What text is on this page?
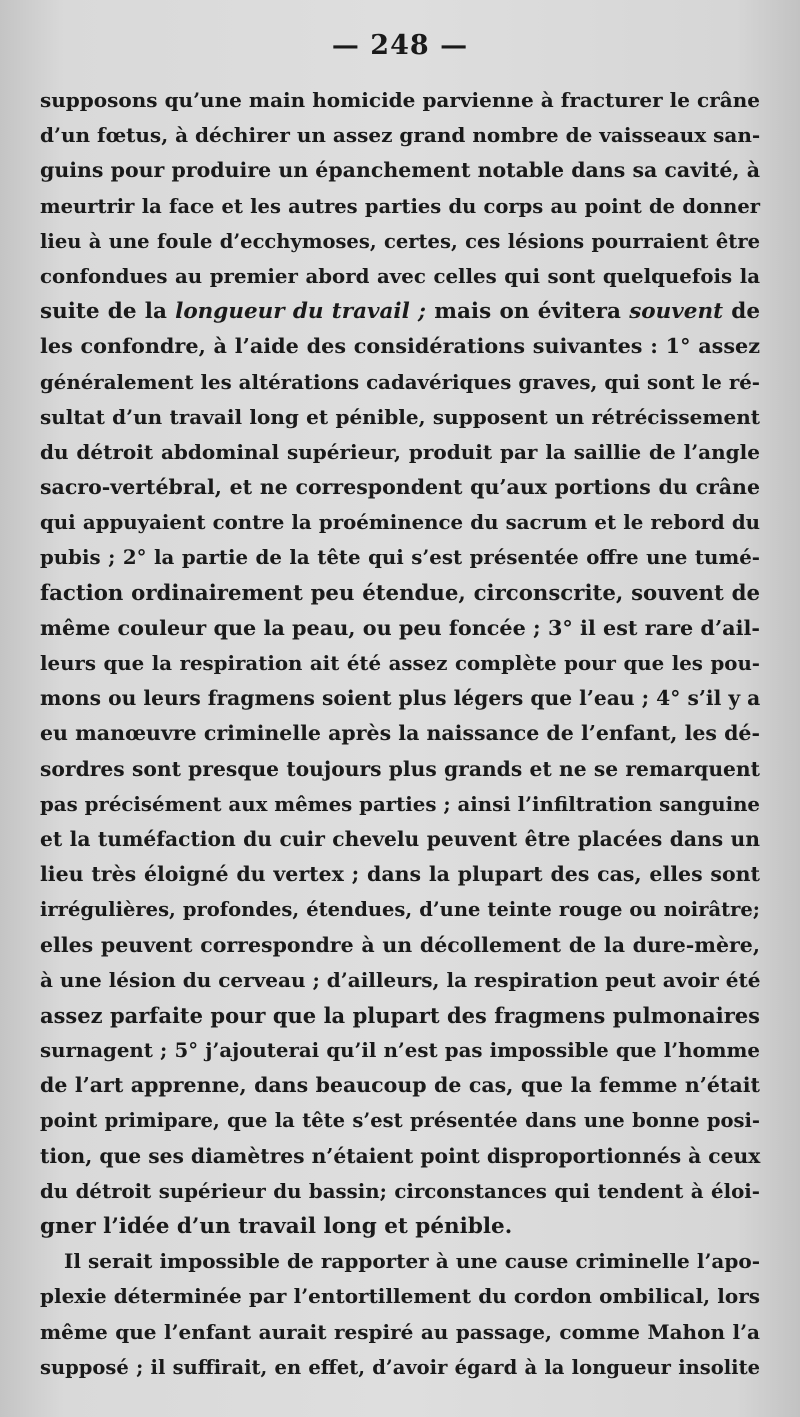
— 248 —
supposons qu’une main homicide parvienne à fracturer le crâne
d’un fœtus, à déchirer un assez grand nombre de vaisseaux san-
guins pour produire un épanchement notable dans sa cavité, à
meurtrir la face et les autres parties du corps au point de donner
lieu à une foule d’ecchymoses, certes, ces lésions pourraient être
confondues au premier abord avec celles qui sont quelquefois la
suite de la longueur du travail ; mais on évitera souvent de
les confondre, à l’aide des considérations suivantes : 1° assez
généralement les altérations cadavériques graves, qui sont le ré-
sultat d’un travail long et pénible, supposent un rétrécissement
du détroit abdominal supérieur, produit par la saillie de l’angle
sacro-vertébral, et ne correspondent qu’aux portions du crâne
qui appuyaient contre la proéminence du sacrum et le rebord du
pubis ; 2° la partie de la tête qui s’est présentée offre une tumé-
faction ordinairement peu étendue, circonscrite, souvent de
même couleur que la peau, ou peu foncée ; 3° il est rare d’ail-
leurs que la respiration ait été assez complète pour que les pou-
mons ou leurs fragmens soient plus légers que l’eau ; 4° s’il y a
eu manœuvre criminelle après la naissance de l’enfant, les dé-
sordres sont presque toujours plus grands et ne se remarquent
pas précisément aux mêmes parties ; ainsi l’infiltration sanguine
et la tuméfaction du cuir chevelu peuvent être placées dans un
lieu très éloigné du vertex ; dans la plupart des cas, elles sont
irrégulières, profondes, étendues, d’une teinte rouge ou noirâtre;
elles peuvent correspondre à un décollement de la dure-mère,
à une lésion du cerveau ; d’ailleurs, la respiration peut avoir été
assez parfaite pour que la plupart des fragmens pulmonaires
surnagent ; 5° j’ajouterai qu’il n’est pas impossible que l’homme
de l’art apprenne, dans beaucoup de cas, que la femme n’était
point primipare, que la tête s’est présentée dans une bonne posi-
tion, que ses diamètres n’étaient point disproportionnés à ceux
du détroit supérieur du bassin; circonstances qui tendent à éloi-
gner l’idée d’un travail long et pénible.
Il serait impossible de rapporter à une cause criminelle l’apo-
plexie déterminée par l’entortillement du cordon ombilical, lors
même que l’enfant aurait respiré au passage, comme Mahon l’a
supposé ; il suffirait, en effet, d’avoir égard à la longueur insolite
